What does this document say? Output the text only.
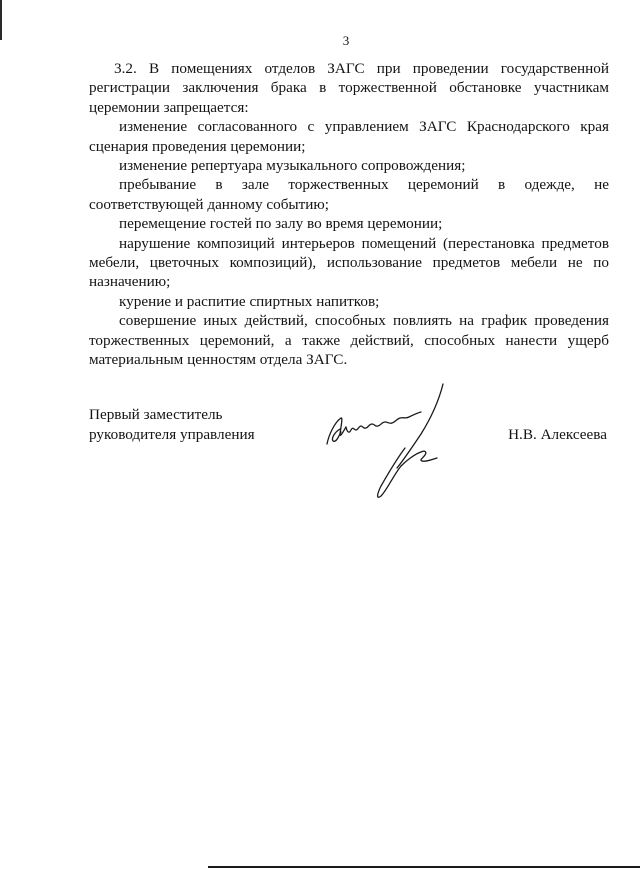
3

3.2. В помещениях отделов ЗАГС при проведении государственной регистрации заключения брака в торжественной обстановке участникам церемонии запрещается:

изменение согласованного с управлением ЗАГС Краснодарского края сценария проведения церемонии;

изменение репертуара музыкального сопровождения;

пребывание в зале торжественных церемоний в одежде, не соответствующей данному событию;

перемещение гостей по залу во время церемонии;

нарушение композиций интерьеров помещений (перестановка предметов мебели, цветочных композиций), использование предметов мебели не по назначению;

курение и распитие спиртных напитков;

совершение иных действий, способных повлиять на график проведения торжественных церемоний, а также действий, способных нанести ущерб материальным ценностям отдела ЗАГС.

Первый заместитель
руководителя управления	Н.В. Алексеева
